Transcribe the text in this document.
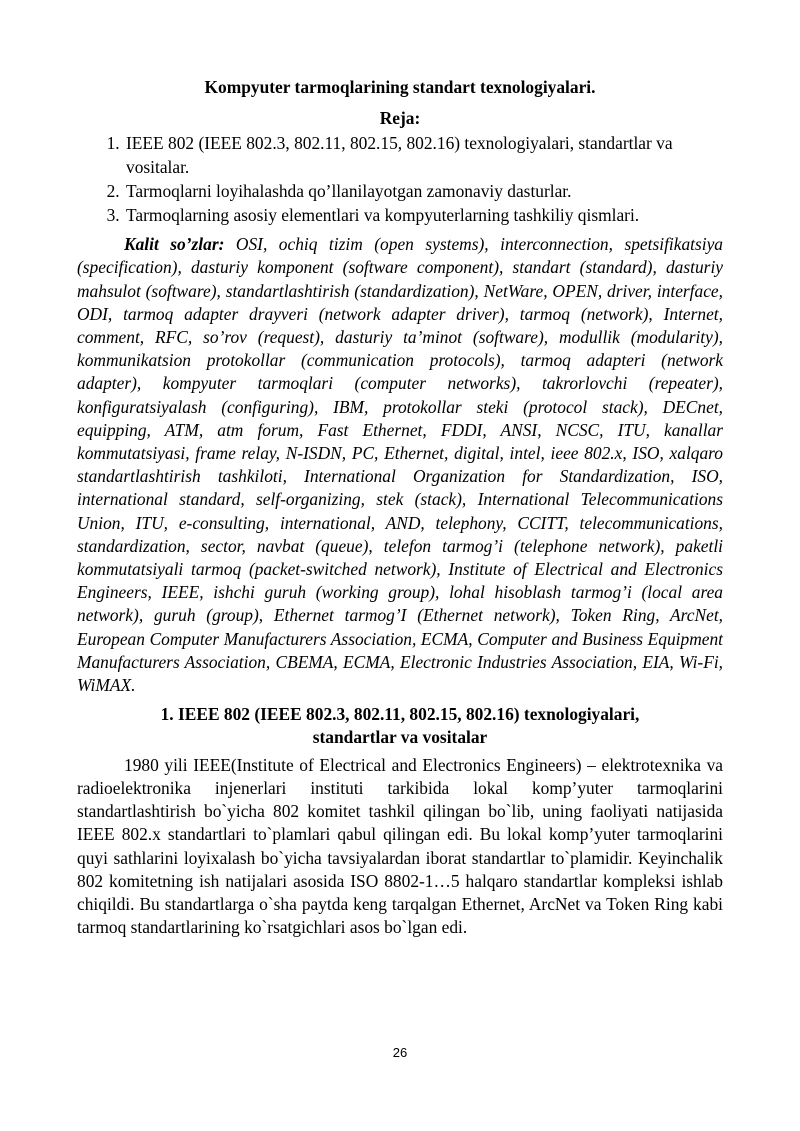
Kompyuter tarmoqlarining standart texnologiyalari.

Reja:

1. IEEE 802 (IEEE 802.3, 802.11, 802.15, 802.16) texnologiyalari, standartlar va vositalar.
2. Tarmoqlarni loyihalashda qo’llanilayotgan zamonaviy dasturlar.
3. Tarmoqlarning asosiy elementlari va kompyuterlarning tashkiliy qismlari.

Kalit so’zlar: OSI, ochiq tizim (open systems), interconnection, spetsifikatsiya (specification), dasturiy komponent (software component), standart (standard), dasturiy mahsulot (software), standartlashtirish (standardization), NetWare, OPEN, driver, interface, ODI, tarmoq adapter drayveri (network adapter driver), tarmoq (network), Internet, comment, RFC, so’rov (request), dasturiy ta’minot (software), modullik (modularity), kommunikatsion protokollar (communication protocols), tarmoq adapteri (network adapter), kompyuter tarmoqlari (computer networks), takrorlovchi (repeater), konfiguratsiyalash (configuring), IBM, protokollar steki (protocol stack), DECnet, equipping, ATM, atm forum, Fast Ethernet, FDDI, ANSI, NCSC, ITU, kanallar kommutatsiyasi, frame relay, N-ISDN, PC, Ethernet, digital, intel, ieee 802.x, ISO, xalqaro standartlashtirish tashkiloti, International Organization for Standardization, ISO, international standard, self-organizing, stek (stack), International Telecommunications Union, ITU, e-consulting, international, AND, telephony, CCITT, telecommunications, standardization, sector, navbat (queue), telefon tarmog’i (telephone network), paketli kommutatsiyali tarmoq (packet-switched network), Institute of Electrical and Electronics Engineers, IEEE, ishchi guruh (working group), lohal hisoblash tarmog’i (local area network), guruh (group), Ethernet tarmog’I (Ethernet network), Token Ring, ArcNet, European Computer Manufacturers Association, ECMA, Computer and Business Equipment Manufacturers Association, CBEMA, ECMA, Electronic Industries Association, EIA, Wi-Fi, WiMAX.

1. IEEE 802 (IEEE 802.3, 802.11, 802.15, 802.16) texnologiyalari,
standartlar va vositalar

1980 yili IEEE(Institute of Electrical and Electronics Engineers) – elektrotexnika va radioelektronika injenerlari instituti tarkibida lokal komp’yuter tarmoqlarini standartlashtirish bo`yicha 802 komitet tashkil qilingan bo`lib, uning faoliyati natijasida IEEE 802.x standartlari to`plamlari qabul qilingan edi. Bu lokal komp’yuter tarmoqlarini quyi sathlarini loyixalash bo`yicha tavsiyalardan iborat standartlar to`plamidir. Keyinchalik 802 komitetning ish natijalari asosida ISO 8802-1…5 halqaro standartlar kompleksi ishlab chiqildi. Bu standartlarga o`sha paytda keng tarqalgan Ethernet, ArcNet va Token Ring kabi tarmoq standartlarining ko`rsatgichlari asos bo`lgan edi.

26
